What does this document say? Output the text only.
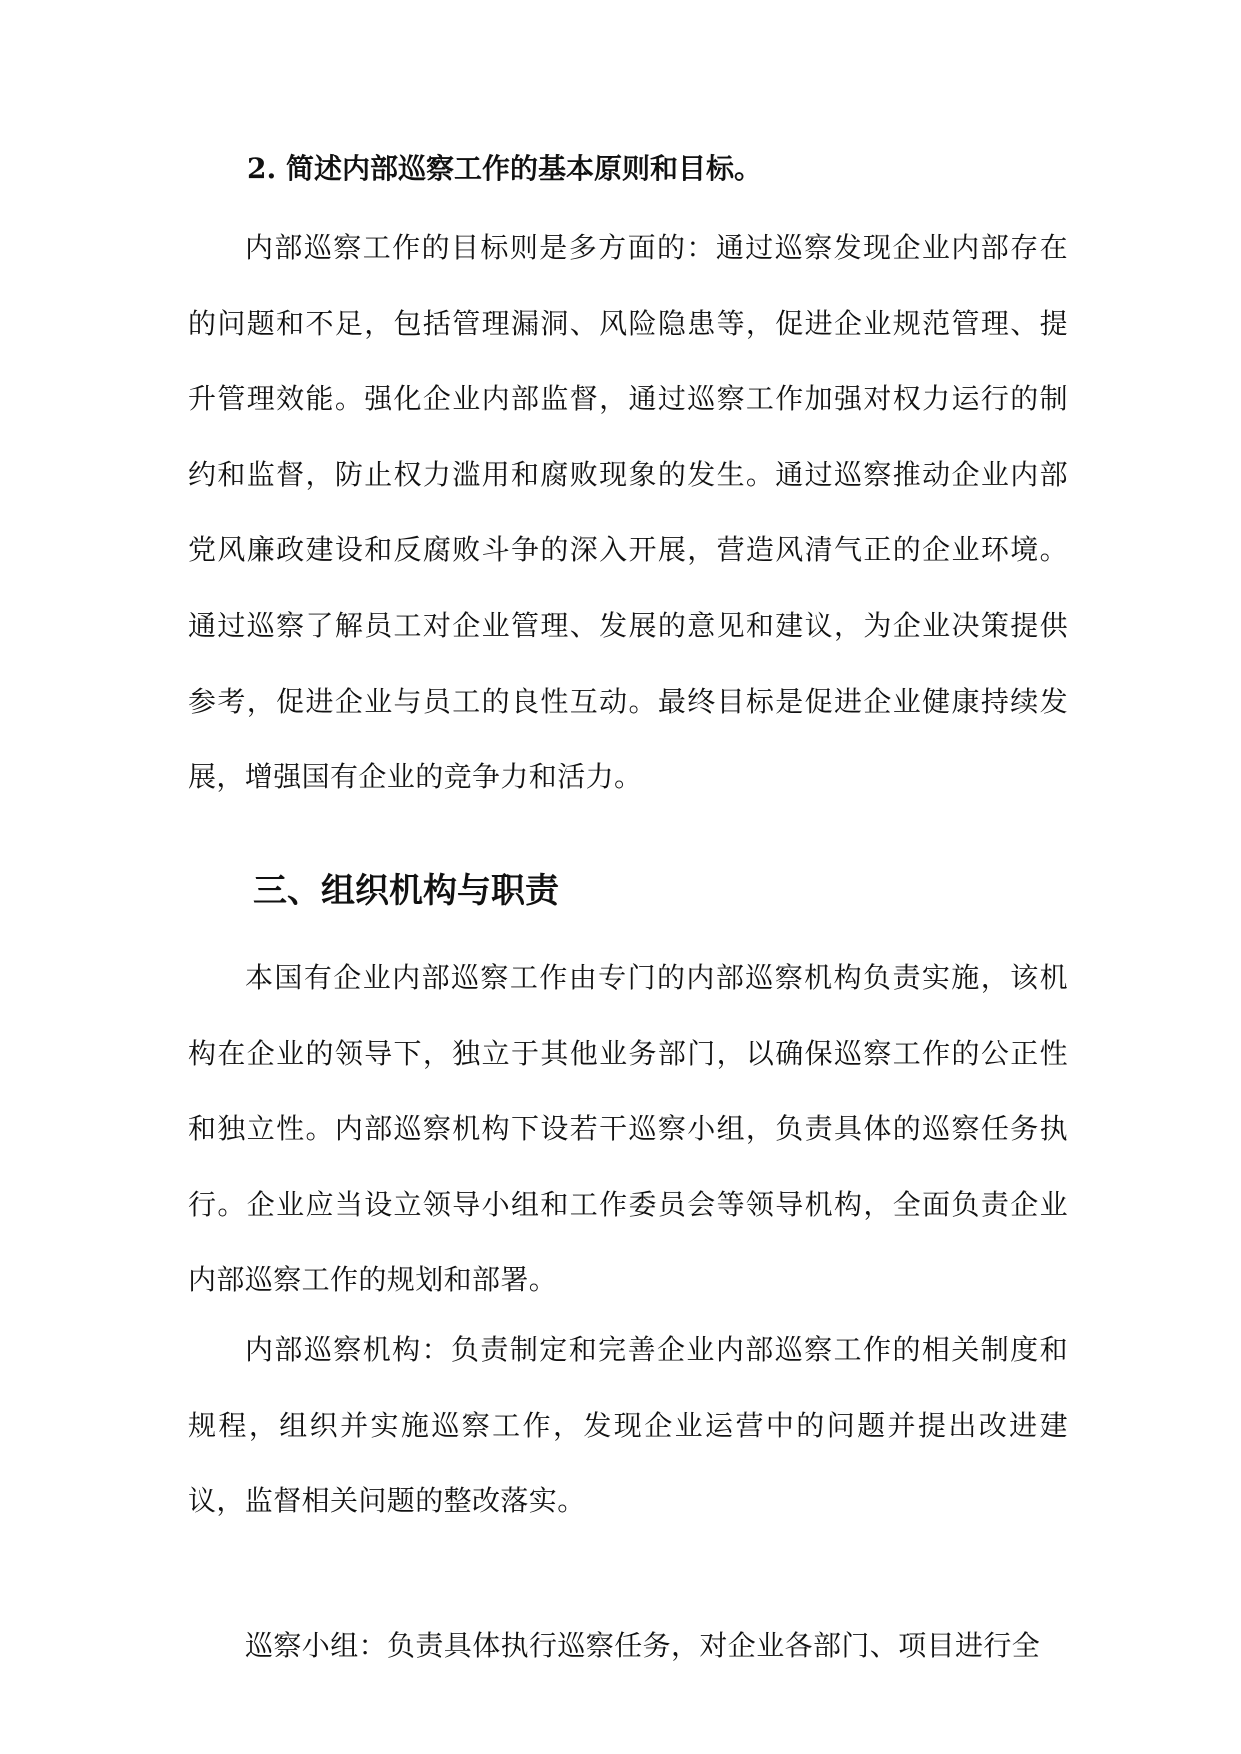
2. 简述内部巡察工作的基本原则和目标。

内部巡察工作的目标则是多方面的：通过巡察发现企业内部存在的问题和不足，包括管理漏洞、风险隐患等，促进企业规范管理、提升管理效能。强化企业内部监督，通过巡察工作加强对权力运行的制约和监督，防止权力滥用和腐败现象的发生。通过巡察推动企业内部党风廉政建设和反腐败斗争的深入开展，营造风清气正的企业环境。通过巡察了解员工对企业管理、发展的意见和建议，为企业决策提供参考，促进企业与员工的良性互动。最终目标是促进企业健康持续发展，增强国有企业的竞争力和活力。

三、组织机构与职责

本国有企业内部巡察工作由专门的内部巡察机构负责实施，该机构在企业的领导下，独立于其他业务部门，以确保巡察工作的公正性和独立性。内部巡察机构下设若干巡察小组，负责具体的巡察任务执行。企业应当设立领导小组和工作委员会等领导机构，全面负责企业内部巡察工作的规划和部署。

内部巡察机构：负责制定和完善企业内部巡察工作的相关制度和规程，组织并实施巡察工作，发现企业运营中的问题并提出改进建议，监督相关问题的整改落实。

巡察小组：负责具体执行巡察任务，对企业各部门、项目进行全
